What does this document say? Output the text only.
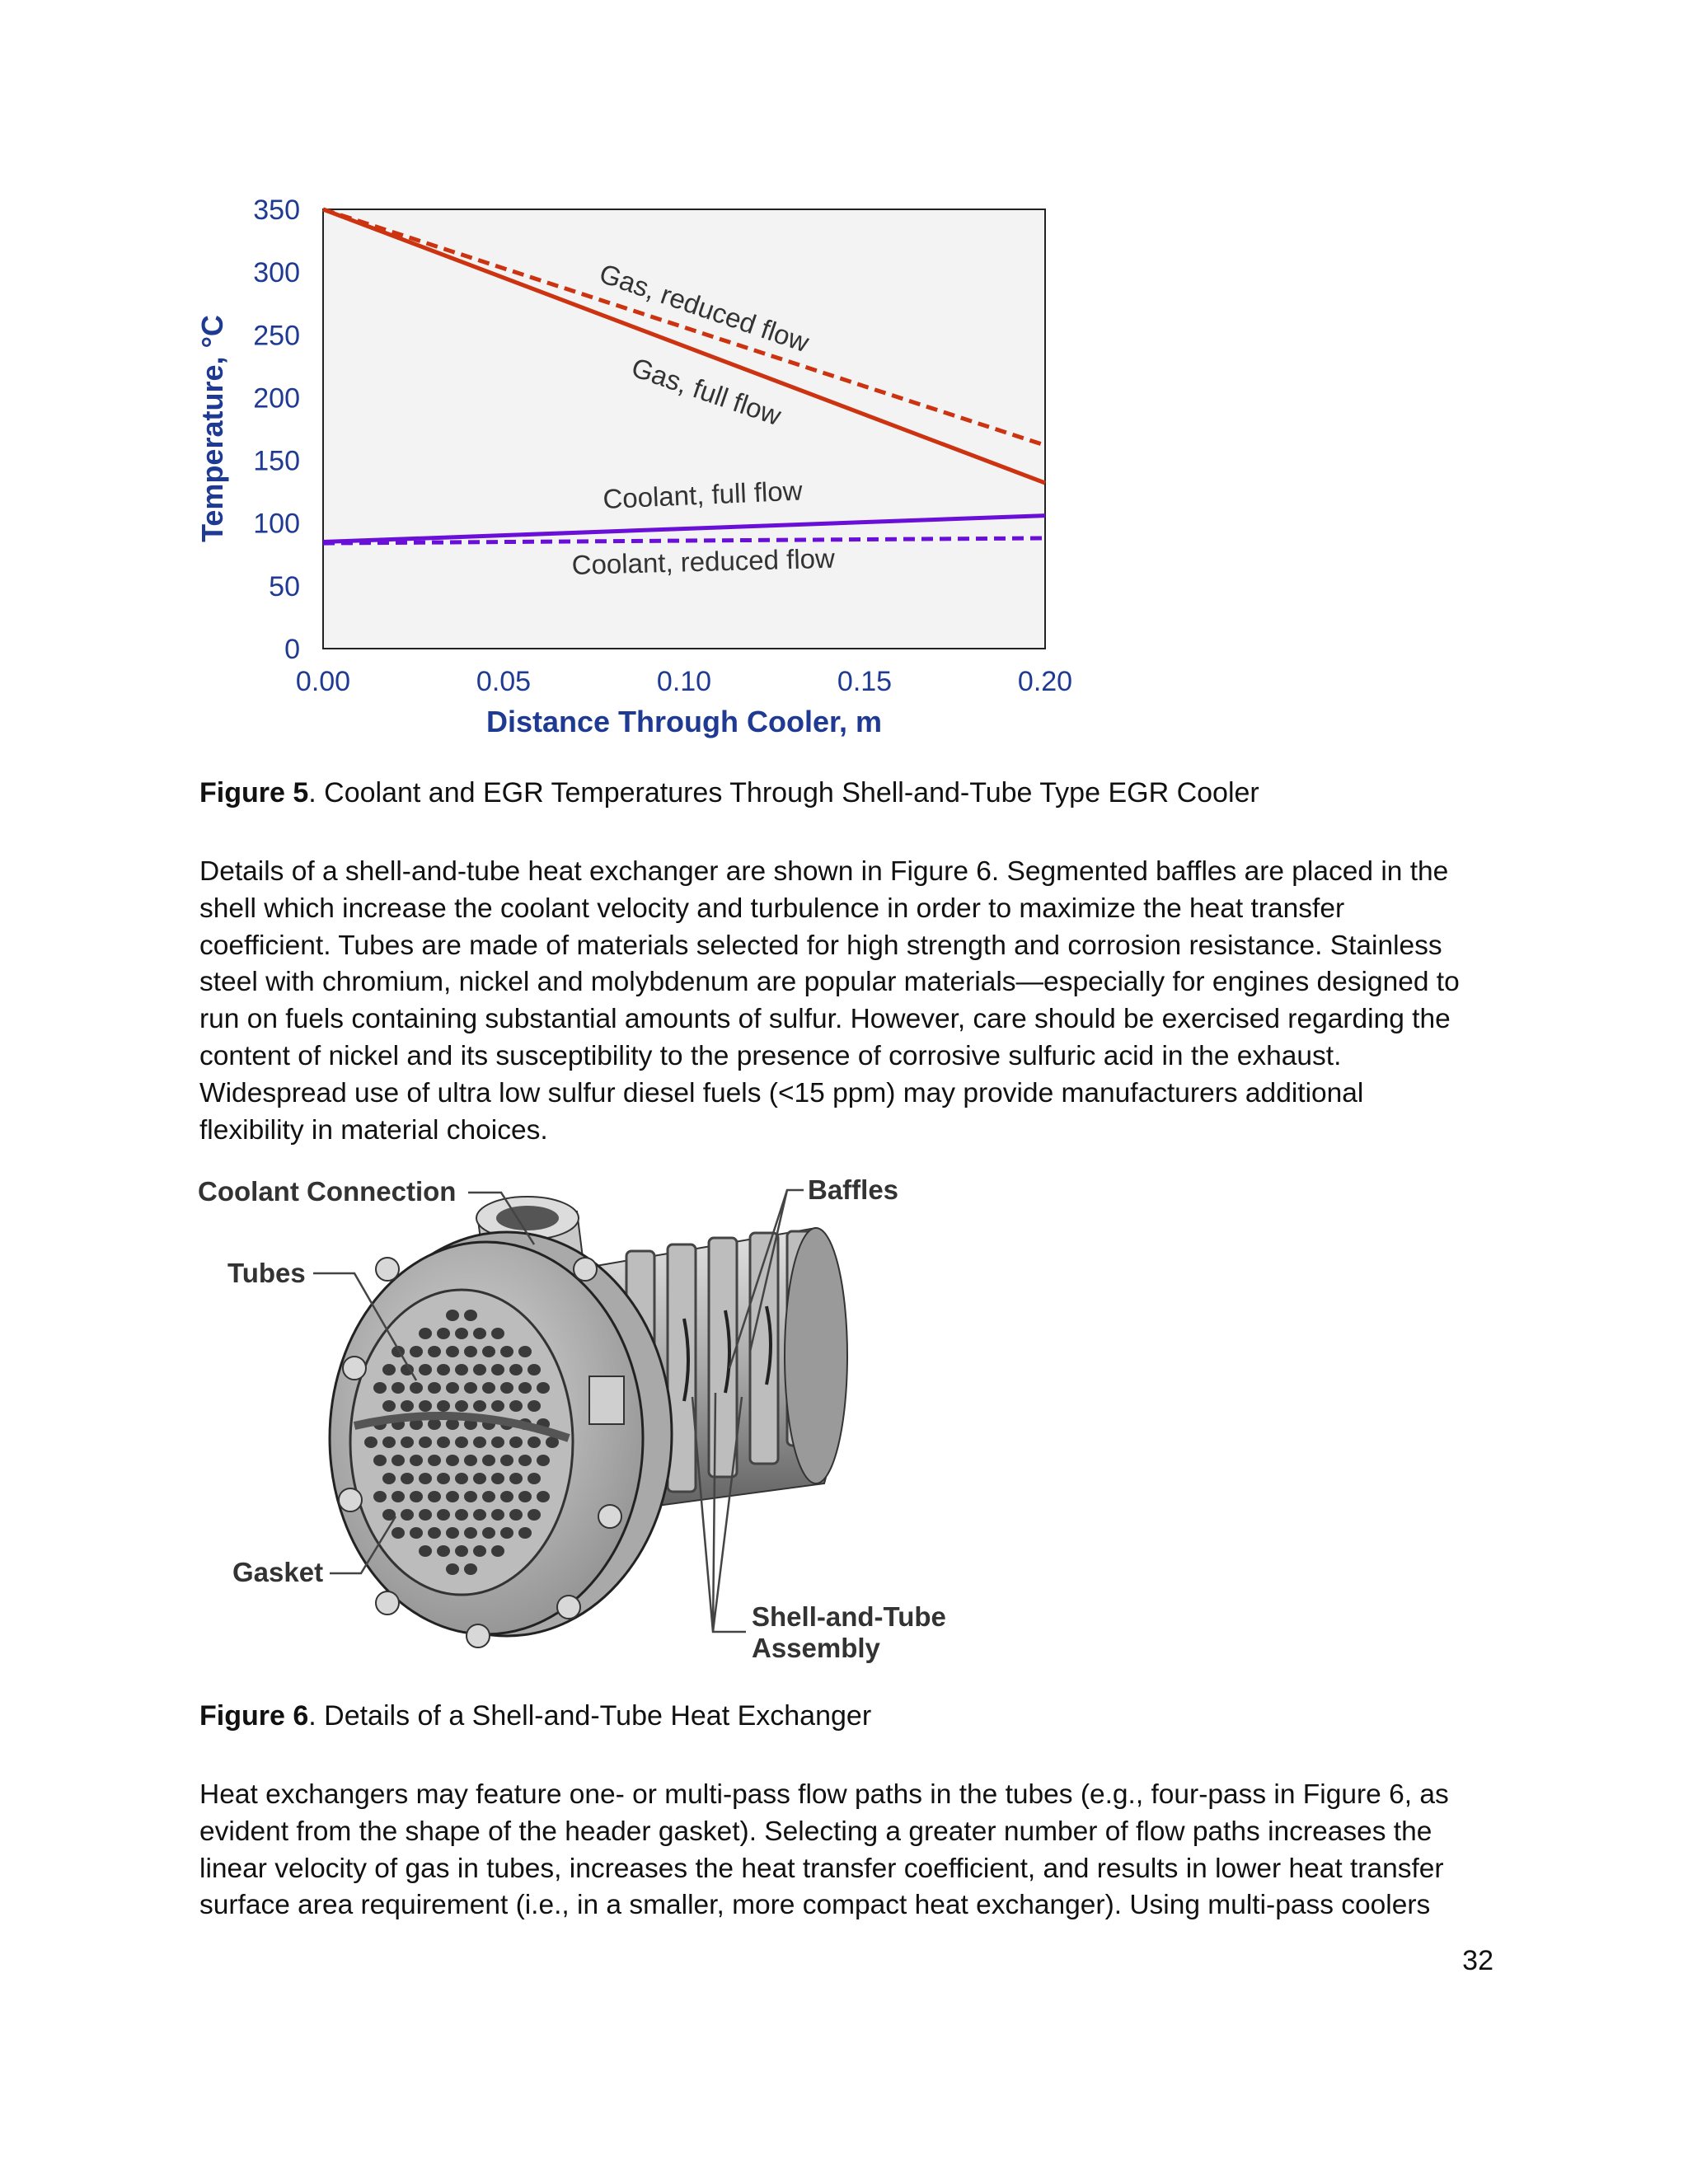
0
50
100
150
200
250
300
350
0.00	0.05	0.10	0.15	0.20
Gas, reduced flow
Gas, full flow
Coolant, full flow
Coolant, reduced flow
Temperature, °C
Distance Through Cooler, m
Figure 5. Coolant and EGR Temperatures Through Shell-and-Tube Type EGR Cooler
Details of a shell-and-tube heat exchanger are shown in Figure 6. Segmented baffles are placed in the
shell which increase the coolant velocity and turbulence in order to maximize the heat transfer
coefficient. Tubes are made of materials selected for high strength and corrosion resistance. Stainless
steel with chromium, nickel and molybdenum are popular materials—especially for engines designed to
run on fuels containing substantial amounts of sulfur. However, care should be exercised regarding the
content of nickel and its susceptibility to the presence of corrosive sulfuric acid in the exhaust.
Widespread use of ultra low sulfur diesel fuels (<15 ppm) may provide manufacturers additional
flexibility in material choices.
Coolant Connection	Baffles
Tubes
Gasket
Shell-and-Tube
Assembly
Figure 6. Details of a Shell-and-Tube Heat Exchanger
Heat exchangers may feature one- or multi-pass flow paths in the tubes (e.g., four-pass in Figure 6, as
evident from the shape of the header gasket). Selecting a greater number of flow paths increases the
linear velocity of gas in tubes, increases the heat transfer coefficient, and results in lower heat transfer
surface area requirement (i.e., in a smaller, more compact heat exchanger). Using multi-pass coolers
32
